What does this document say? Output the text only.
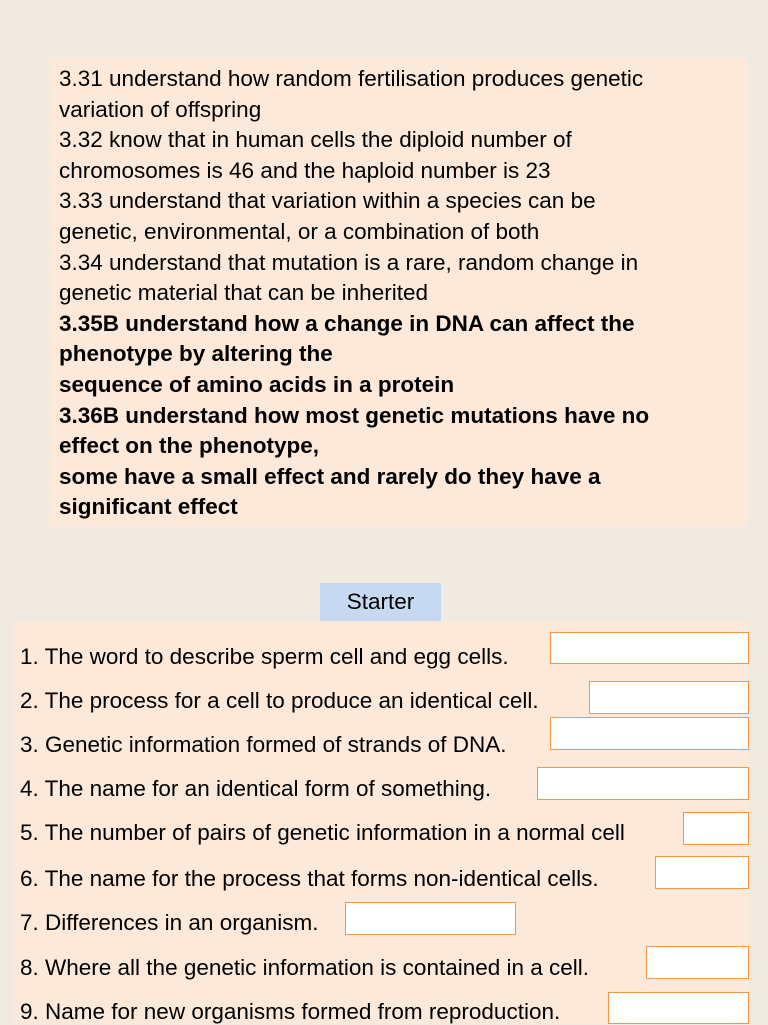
3.31 understand how random fertilisation produces genetic
variation of offspring
3.32 know that in human cells the diploid number of
chromosomes is 46 and the haploid number is 23
3.33 understand that variation within a species can be
genetic, environmental, or a combination of both
3.34 understand that mutation is a rare, random change in
genetic material that can be inherited
3.35B understand how a change in DNA can affect the
phenotype by altering the
sequence of amino acids in a protein
3.36B understand how most genetic mutations have no
effect on the phenotype,
some have a small effect and rarely do they have a
significant effect
Starter
1. The word to describe sperm cell and egg cells.
2. The process for a cell to produce an identical cell.
3. Genetic information formed of strands of DNA.
4. The name for an identical form of something.
5. The number of pairs of genetic information in a normal cell
6. The name for the process that forms non-identical cells.
7. Differences in an organism.
8. Where all the genetic information is contained in a cell.
9. Name for new organisms formed from reproduction.
